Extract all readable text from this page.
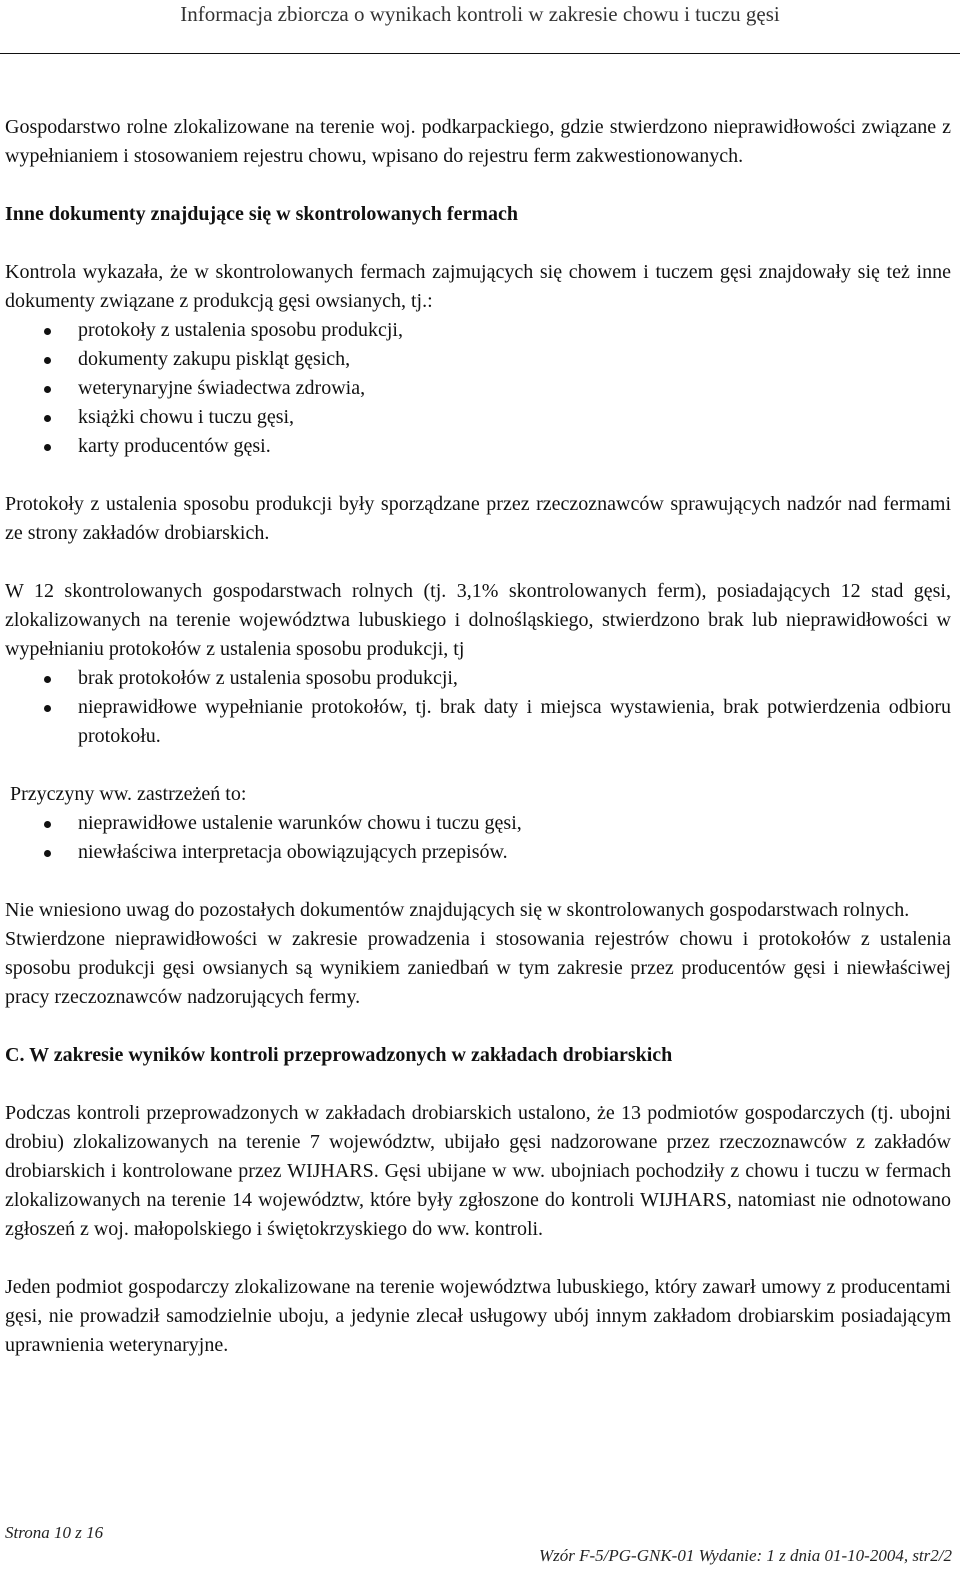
Informacja zbiorcza o wynikach kontroli w zakresie chowu i tuczu gęsi

Gospodarstwo rolne zlokalizowane na terenie woj. podkarpackiego, gdzie stwierdzono nieprawidłowości związane z wypełnianiem i stosowaniem rejestru chowu, wpisano do rejestru ferm zakwestionowanych.

Inne dokumenty znajdujące się w skontrolowanych fermach

Kontrola wykazała, że w skontrolowanych fermach zajmujących się chowem i tuczem gęsi znajdowały się też inne dokumenty związane z produkcją gęsi owsianych, tj.:

protokoły z ustalenia sposobu produkcji,
dokumenty zakupu piskląt gęsich,
weterynaryjne świadectwa zdrowia,
książki chowu i tuczu gęsi,
karty producentów gęsi.

Protokoły z ustalenia sposobu produkcji były sporządzane przez rzeczoznawców sprawujących nadzór nad fermami ze strony zakładów drobiarskich.

W 12 skontrolowanych gospodarstwach rolnych (tj. 3,1% skontrolowanych ferm), posiadających 12 stad gęsi, zlokalizowanych na terenie województwa lubuskiego i dolnośląskiego, stwierdzono brak lub nieprawidłowości w wypełnianiu protokołów z ustalenia sposobu produkcji, tj

brak protokołów z ustalenia sposobu produkcji,
nieprawidłowe wypełnianie protokołów, tj. brak daty i miejsca wystawienia, brak potwierdzenia odbioru protokołu.

Przyczyny ww. zastrzeżeń to:

nieprawidłowe ustalenie warunków chowu i tuczu gęsi,
niewłaściwa interpretacja obowiązujących przepisów.

Nie wniesiono uwag do pozostałych dokumentów znajdujących się w skontrolowanych gospodarstwach rolnych.

Stwierdzone nieprawidłowości w zakresie prowadzenia i stosowania rejestrów chowu i protokołów z ustalenia sposobu produkcji gęsi owsianych są wynikiem zaniedbań w tym zakresie przez producentów gęsi i niewłaściwej pracy rzeczoznawców nadzorujących fermy.

C. W zakresie wyników kontroli przeprowadzonych w zakładach drobiarskich

Podczas kontroli przeprowadzonych w zakładach drobiarskich ustalono, że 13 podmiotów gospodarczych (tj. ubojni drobiu) zlokalizowanych na terenie 7 województw, ubijało gęsi nadzorowane przez rzeczoznawców z zakładów drobiarskich i kontrolowane przez WIJHARS. Gęsi ubijane w ww. ubojniach pochodziły z chowu i tuczu w fermach zlokalizowanych na terenie 14 województw, które były zgłoszone do kontroli WIJHARS, natomiast nie odnotowano zgłoszeń z woj. małopolskiego i świętokrzyskiego do ww. kontroli.

Jeden podmiot gospodarczy zlokalizowane na terenie województwa lubuskiego, który zawarł umowy z producentami gęsi, nie prowadził samodzielnie uboju, a jedynie zlecał usługowy ubój innym zakładom drobiarskim posiadającym uprawnienia weterynaryjne.

Strona 10 z 16
Wzór F-5/PG-GNK-01 Wydanie: 1 z dnia 01-10-2004, str2/2
